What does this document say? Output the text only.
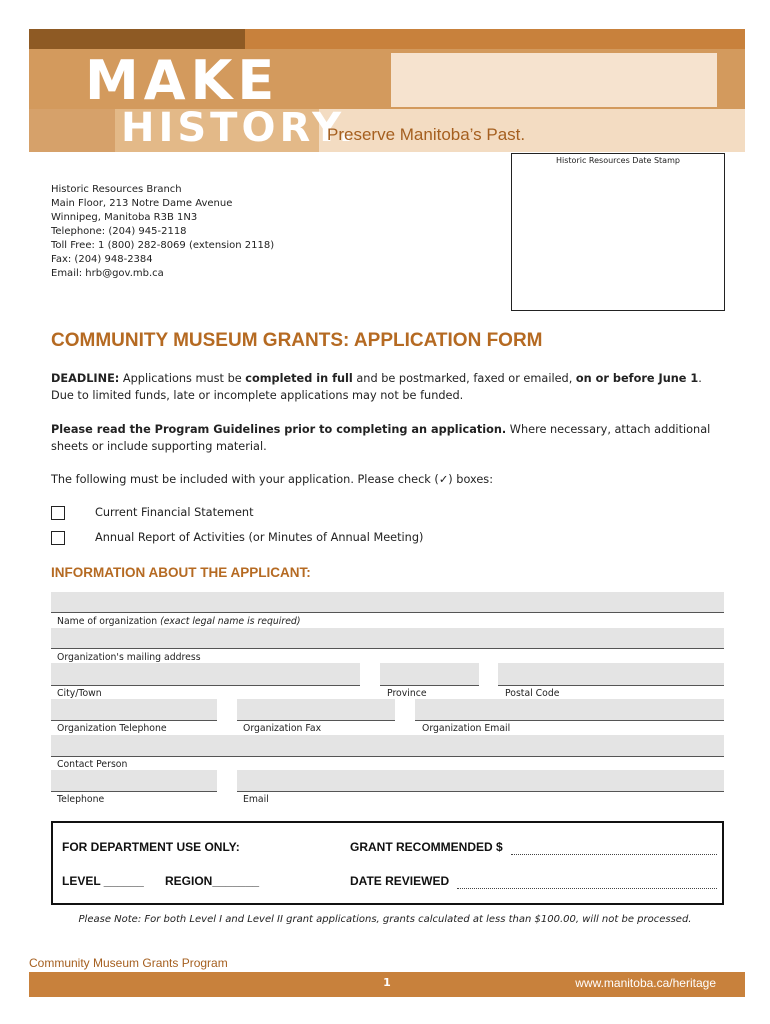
MAKE
HISTORY.
Preserve Manitoba’s Past.
Historic Resources Date Stamp
Historic Resources Branch
Main Floor, 213 Notre Dame Avenue
Winnipeg, Manitoba R3B 1N3
Telephone: (204) 945-2118
Toll Free: 1 (800) 282-8069 (extension 2118)
Fax: (204) 948-2384
Email: hrb@gov.mb.ca
COMMUNITY MUSEUM GRANTS: APPLICATION FORM
DEADLINE: Applications must be completed in full and be postmarked, faxed or emailed, on or before June 1. Due to limited funds, late or incomplete applications may not be funded.
Please read the Program Guidelines prior to completing an application. Where necessary, attach additional sheets or include supporting material.
The following must be included with your application. Please check (✓) boxes:
Current Financial Statement
Annual Report of Activities (or Minutes of Annual Meeting)
INFORMATION ABOUT THE APPLICANT:
Name of organization (exact legal name is required)
Organization's mailing address
City/Town	Province	Postal Code
Organization Telephone	Organization Fax	Organization Email
Contact Person
Telephone	Email
FOR DEPARTMENT USE ONLY:	GRANT RECOMMENDED $
LEVEL ______ REGION_______	DATE REVIEWED
Please Note: For both Level I and Level II grant applications, grants calculated at less than $100.00, will not be processed.
Community Museum Grants Program
1	www.manitoba.ca/heritage
